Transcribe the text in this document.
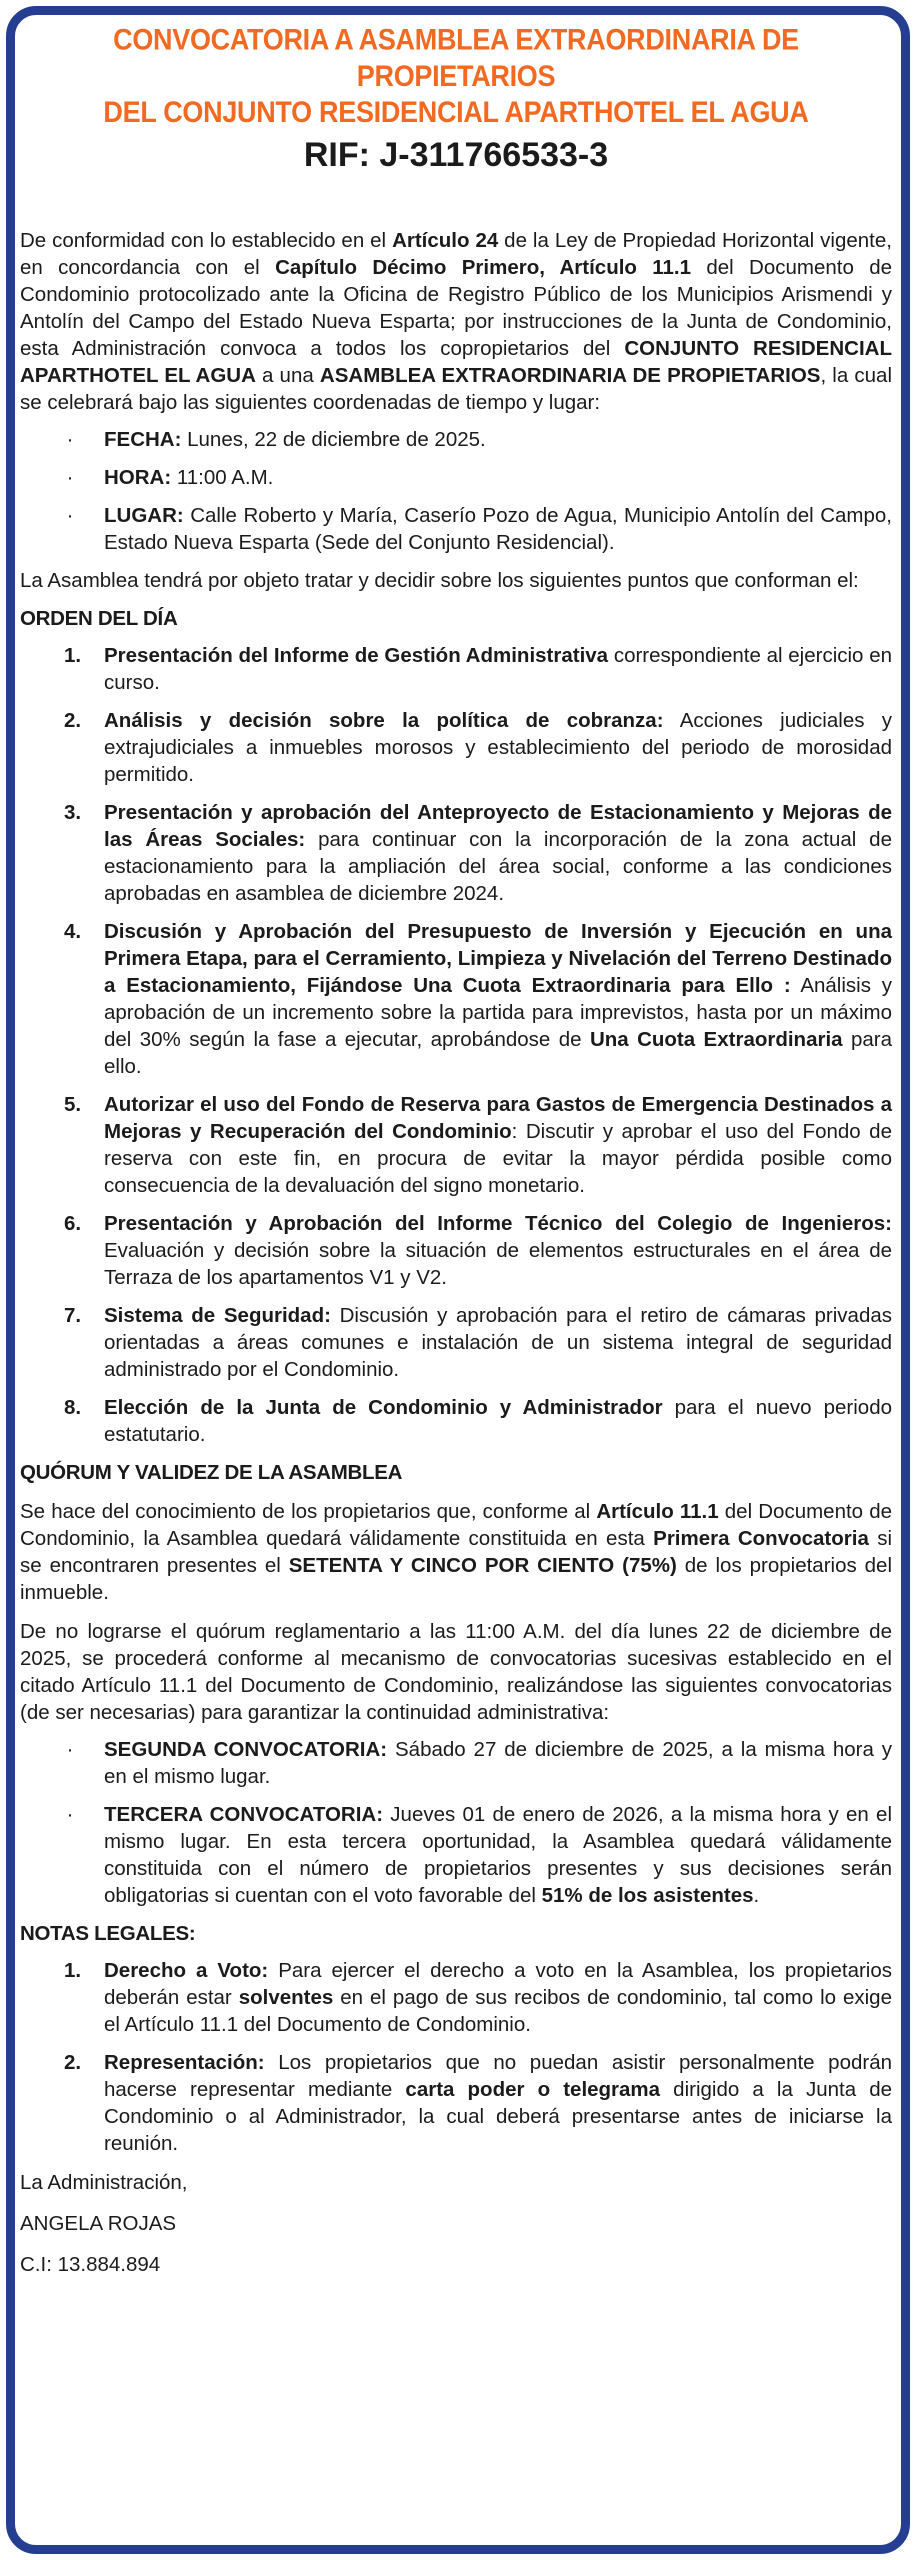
CONVOCATORIA A ASAMBLEA EXTRAORDINARIA DE PROPIETARIOS
DEL CONJUNTO RESIDENCIAL APARTHOTEL EL AGUA
RIF: J-311766533-3
De conformidad con lo establecido en el Artículo 24 de la Ley de Propiedad Horizontal vigente, en concordancia con el Capítulo Décimo Primero, Artículo 11.1 del Documento de Condominio protocolizado ante la Oficina de Registro Público de los Municipios Arismendi y Antolín del Campo del Estado Nueva Esparta; por instrucciones de la Junta de Condominio, esta Administración convoca a todos los copropietarios del CONJUNTO RESIDENCIAL APARTHOTEL EL AGUA a una ASAMBLEA EXTRAORDINARIA DE PROPIETARIOS, la cual se celebrará bajo las siguientes coordenadas de tiempo y lugar:
· FECHA: Lunes, 22 de diciembre de 2025.
· HORA: 11:00 A.M.
· LUGAR: Calle Roberto y María, Caserío Pozo de Agua, Municipio Antolín del Campo, Estado Nueva Esparta (Sede del Conjunto Residencial).
La Asamblea tendrá por objeto tratar y decidir sobre los siguientes puntos que conforman el:
ORDEN DEL DÍA
1. Presentación del Informe de Gestión Administrativa correspondiente al ejercicio en curso.
2. Análisis y decisión sobre la política de cobranza: Acciones judiciales y extrajudiciales a inmuebles morosos y establecimiento del periodo de morosidad permitido.
3. Presentación y aprobación del Anteproyecto de Estacionamiento y Mejoras de las Áreas Sociales: para continuar con la incorporación de la zona actual de estacionamiento para la ampliación del área social, conforme a las condiciones aprobadas en asamblea de diciembre 2024.
4. Discusión y Aprobación del Presupuesto de Inversión y Ejecución en una Primera Etapa, para el Cerramiento, Limpieza y Nivelación del Terreno Destinado a Estacionamiento, Fijándose Una Cuota Extraordinaria para Ello : Análisis y aprobación de un incremento sobre la partida para imprevistos, hasta por un máximo del 30% según la fase a ejecutar, aprobándose de Una Cuota Extraordinaria para ello.
5. Autorizar el uso del Fondo de Reserva para Gastos de Emergencia Destinados a Mejoras y Recuperación del Condominio: Discutir y aprobar el uso del Fondo de reserva con este fin, en procura de evitar la mayor pérdida posible como consecuencia de la devaluación del signo monetario.
6. Presentación y Aprobación del Informe Técnico del Colegio de Ingenieros: Evaluación y decisión sobre la situación de elementos estructurales en el área de Terraza de los apartamentos V1 y V2.
7. Sistema de Seguridad: Discusión y aprobación para el retiro de cámaras privadas orientadas a áreas comunes e instalación de un sistema integral de seguridad administrado por el Condominio.
8. Elección de la Junta de Condominio y Administrador para el nuevo periodo estatutario.
QUÓRUM Y VALIDEZ DE LA ASAMBLEA
Se hace del conocimiento de los propietarios que, conforme al Artículo 11.1 del Documento de Condominio, la Asamblea quedará válidamente constituida en esta Primera Convocatoria si se encontraren presentes el SETENTA Y CINCO POR CIENTO (75%) de los propietarios del inmueble.
De no lograrse el quórum reglamentario a las 11:00 A.M. del día lunes 22 de diciembre de 2025, se procederá conforme al mecanismo de convocatorias sucesivas establecido en el citado Artículo 11.1 del Documento de Condominio, realizándose las siguientes convocatorias (de ser necesarias) para garantizar la continuidad administrativa:
· SEGUNDA CONVOCATORIA: Sábado 27 de diciembre de 2025, a la misma hora y en el mismo lugar.
· TERCERA CONVOCATORIA: Jueves 01 de enero de 2026, a la misma hora y en el mismo lugar. En esta tercera oportunidad, la Asamblea quedará válidamente constituida con el número de propietarios presentes y sus decisiones serán obligatorias si cuentan con el voto favorable del 51% de los asistentes.
NOTAS LEGALES:
1. Derecho a Voto: Para ejercer el derecho a voto en la Asamblea, los propietarios deberán estar solventes en el pago de sus recibos de condominio, tal como lo exige el Artículo 11.1 del Documento de Condominio.
2. Representación: Los propietarios que no puedan asistir personalmente podrán hacerse representar mediante carta poder o telegrama dirigido a la Junta de Condominio o al Administrador, la cual deberá presentarse antes de iniciarse la reunión.
La Administración,
ANGELA ROJAS
C.I: 13.884.894
